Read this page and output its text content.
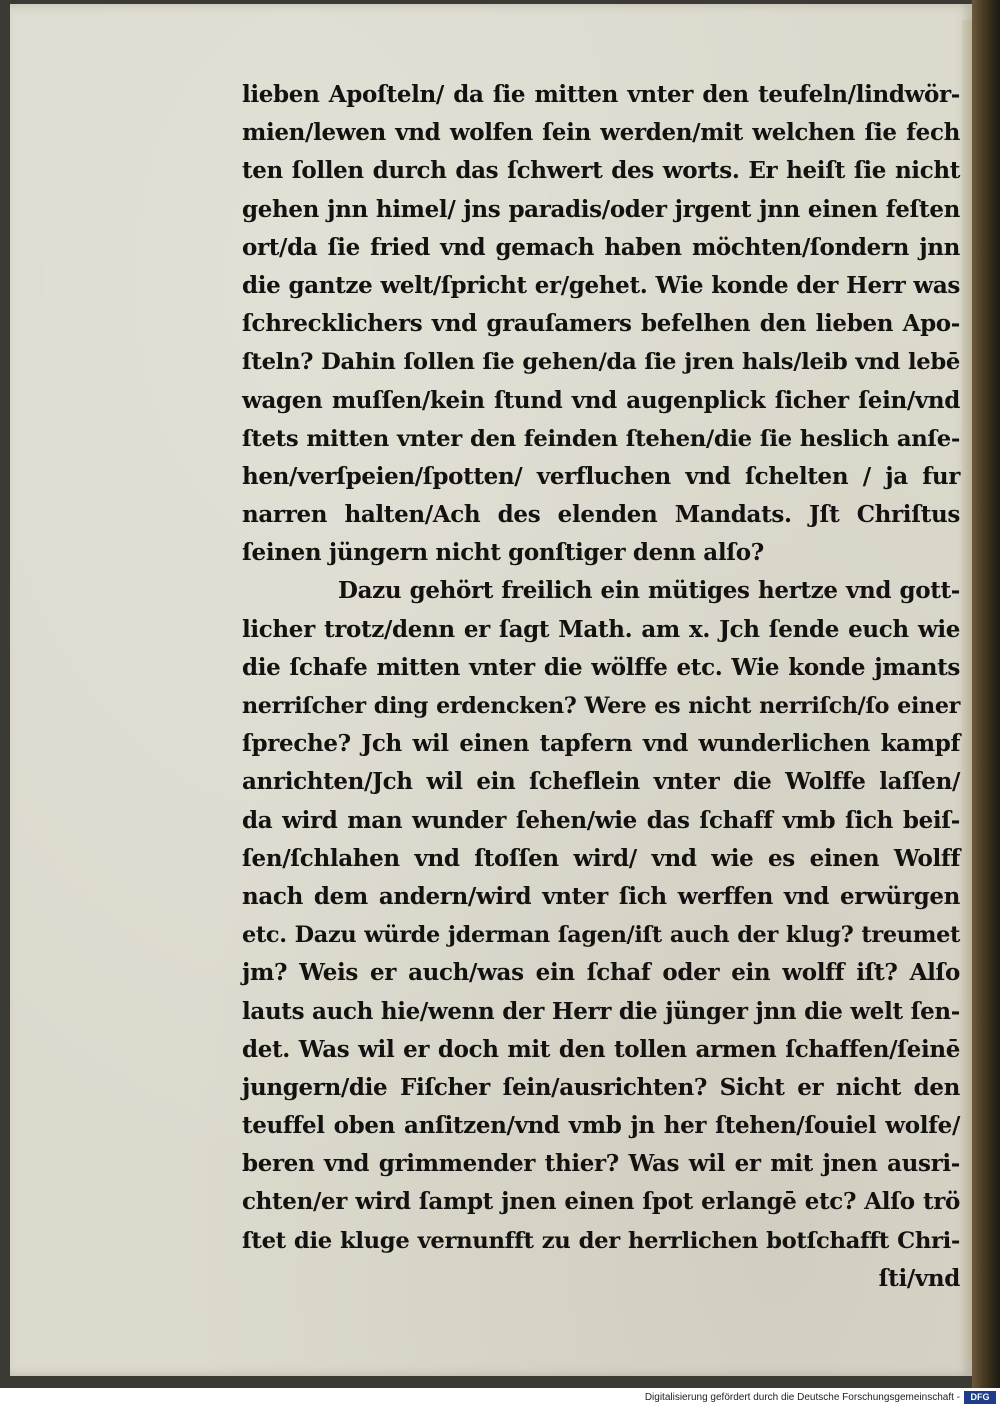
lieben Apoſteln/ da ſie mitten vnter den teufeln/lindwör-
mien/lewen vnd wolfen ſein werden/mit welchen ſie fech
ten ſollen durch das ſchwert des worts. Er heiſt ſie nicht
gehen jnn himel/ jns paradis/oder jrgent jnn einen feſten
ort/da ſie fried vnd gemach haben möchten/ſondern jnn
die gantze welt/ſpricht er/gehet. Wie konde der Herr was
ſchrecklichers vnd grauſamers befelhen den lieben Apo-
ſteln? Dahin ſollen ſie gehen/da ſie jren hals/leib vnd lebē
wagen muſſen/kein ſtund vnd augenplick ſicher ſein/vnd
ſtets mitten vnter den feinden ſtehen/die ſie heslich anſe-
hen/verſpeien/ſpotten/ verfluchen vnd ſchelten / ja fur
narren halten/Ach des elenden Mandats. Jſt Chriſtus
ſeinen jüngern nicht gonſtiger denn alſo?
Dazu gehört freilich ein mütiges hertze vnd gott-
licher trotz/denn er ſagt Math. am x. Jch ſende euch wie
die ſchafe mitten vnter die wölffe etc. Wie konde jmants
nerriſcher ding erdencken? Were es nicht nerriſch/ſo einer
ſpreche? Jch wil einen tapfern vnd wunderlichen kampf
anrichten/Jch wil ein ſcheflein vnter die Wolffe laſſen/
da wird man wunder ſehen/wie das ſchaff vmb ſich beiſ-
ſen/ſchlahen vnd ſtoſſen wird/ vnd wie es einen Wolff
nach dem andern/wird vnter ſich werffen vnd erwürgen
etc. Dazu würde jderman ſagen/iſt auch der klug? treumet
jm? Weis er auch/was ein ſchaf oder ein wolff iſt? Alſo
lauts auch hie/wenn der Herr die jünger jnn die welt ſen-
det. Was wil er doch mit den tollen armen ſchaffen/ſeinē
jungern/die Fiſcher ſein/ausrichten? Sicht er nicht den
teuffel oben anſitzen/vnd vmb jn her ſtehen/ſouiel wolfe/
beren vnd grimmender thier? Was wil er mit jnen ausri-
chten/er wird ſampt jnen einen ſpot erlangē etc? Alſo trö
ſtet die kluge vernunfft zu der herrlichen botſchafft Chri-
ſti/vnd
Digitalisierung gefördert durch die Deutsche Forschungsgemeinschaft -	DFG
